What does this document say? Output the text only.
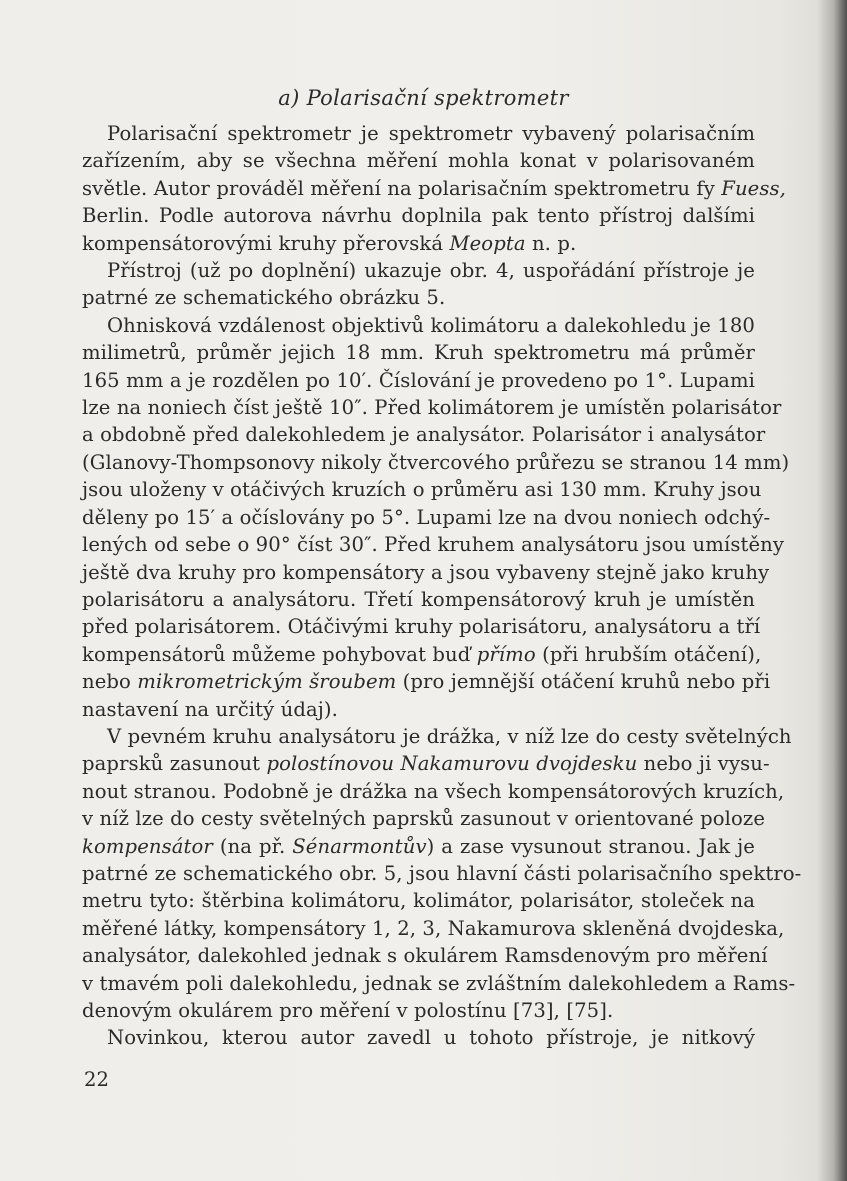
a) Polarisační spektrometr
Polarisační spektrometr je spektrometr vybavený polarisačním
zařízením, aby se všechna měření mohla konat v polarisovaném
světle. Autor prováděl měření na polarisačním spektrometru fy Fuess,
Berlin. Podle autorova návrhu doplnila pak tento přístroj dalšími
kompensátorovými kruhy přerovská Meopta n. p.
Přístroj (už po doplnění) ukazuje obr. 4, uspořádání přístroje je
patrné ze schematického obrázku 5.
Ohnisková vzdálenost objektivů kolimátoru a dalekohledu je 180
milimetrů, průměr jejich 18 mm. Kruh spektrometru má průměr
165 mm a je rozdělen po 10′. Číslování je provedeno po 1°. Lupami
lze na noniech číst ještě 10″. Před kolimátorem je umístěn polarisátor
a obdobně před dalekohledem je analysátor. Polarisátor i analysátor
(Glanovy-Thompsonovy nikoly čtvercového průřezu se stranou 14 mm)
jsou uloženy v otáčivých kruzích o průměru asi 130 mm. Kruhy jsou
děleny po 15′ a očíslovány po 5°. Lupami lze na dvou noniech odchý-
lených od sebe o 90° číst 30″. Před kruhem analysátoru jsou umístěny
ještě dva kruhy pro kompensátory a jsou vybaveny stejně jako kruhy
polarisátoru a analysátoru. Třetí kompensátorový kruh je umístěn
před polarisátorem. Otáčivými kruhy polarisátoru, analysátoru a tří
kompensátorů můžeme pohybovat buď přímo (při hrubším otáčení),
nebo mikrometrickým šroubem (pro jemnější otáčení kruhů nebo při
nastavení na určitý údaj).
V pevném kruhu analysátoru je drážka, v níž lze do cesty světelných
paprsků zasunout polostínovou Nakamurovu dvojdesku nebo ji vysu-
nout stranou. Podobně je drážka na všech kompensátorových kruzích,
v níž lze do cesty světelných paprsků zasunout v orientované poloze
kompensátor (na př. Sénarmontův) a zase vysunout stranou. Jak je
patrné ze schematického obr. 5, jsou hlavní části polarisačního spektro-
metru tyto: štěrbina kolimátoru, kolimátor, polarisátor, stoleček na
měřené látky, kompensátory 1, 2, 3, Nakamurova skleněná dvojdeska,
analysátor, dalekohled jednak s okulárem Ramsdenovým pro měření
v tmavém poli dalekohledu, jednak se zvláštním dalekohledem a Rams-
denovým okulárem pro měření v polostínu [73], [75].
Novinkou, kterou autor zavedl u tohoto přístroje, je nitkový
22
